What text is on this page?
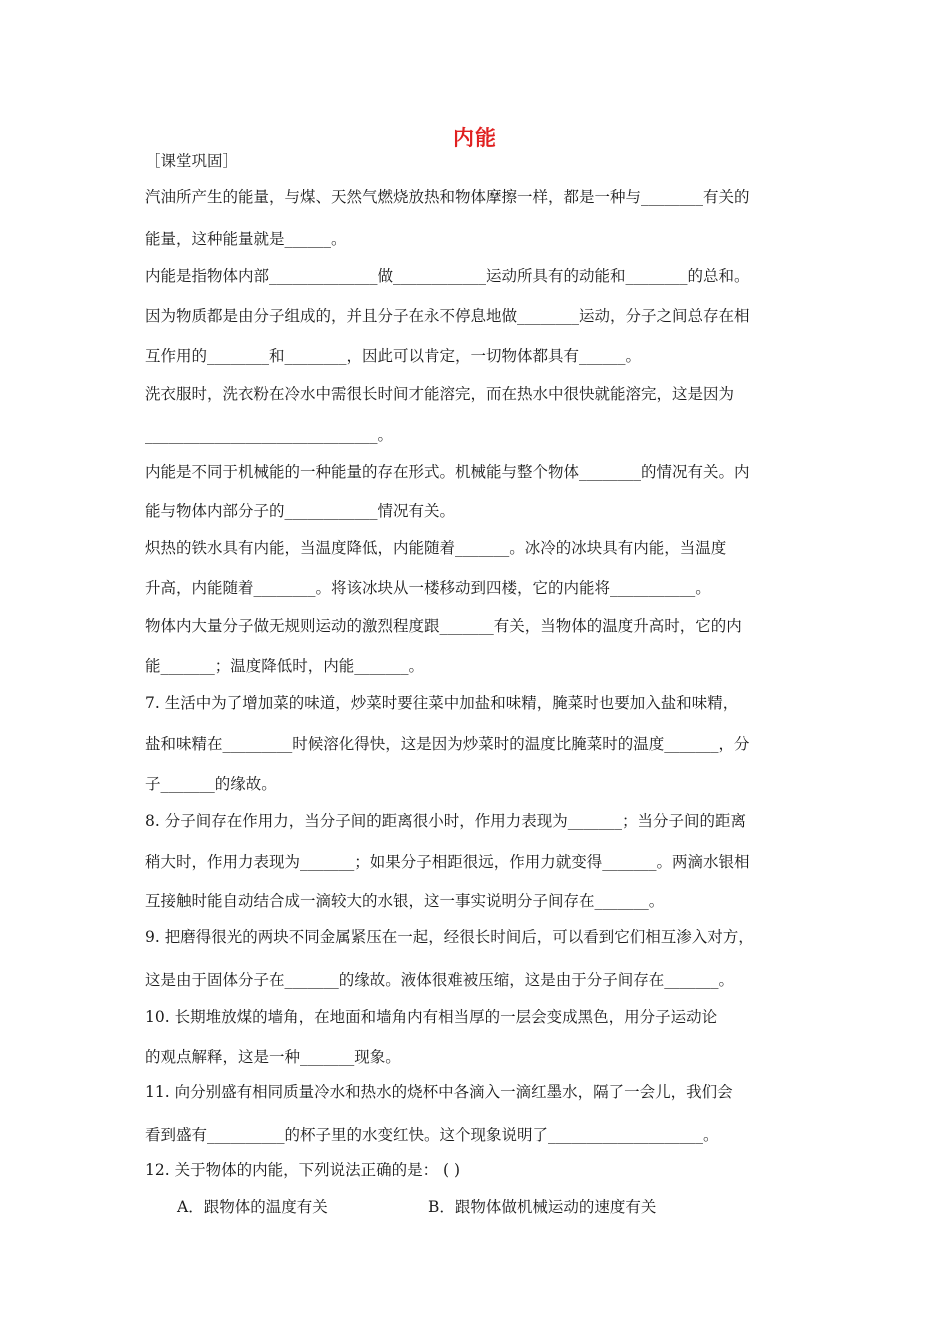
内能
［课堂巩固］
汽油所产生的能量，与煤、天然气燃烧放热和物体摩擦一样，都是一种与________有关的
能量，这种能量就是______。
内能是指物体内部______________做____________运动所具有的动能和________的总和。
因为物质都是由分子组成的，并且分子在永不停息地做________运动，分子之间总存在相
互作用的________和________，因此可以肯定，一切物体都具有______。
洗衣服时，洗衣粉在冷水中需很长时间才能溶完，而在热水中很快就能溶完，这是因为
______________________________。
内能是不同于机械能的一种能量的存在形式。机械能与整个物体________的情况有关。内
能与物体内部分子的____________情况有关。
炽热的铁水具有内能，当温度降低，内能随着_______。冰冷的冰块具有内能，当温度
升高，内能随着________。将该冰块从一楼移动到四楼，它的内能将___________。
物体内大量分子做无规则运动的激烈程度跟_______有关，当物体的温度升高时，它的内
能_______；温度降低时，内能_______。
7. 生活中为了增加菜的味道，炒菜时要往菜中加盐和味精，腌菜时也要加入盐和味精，
盐和味精在_________时候溶化得快，这是因为炒菜时的温度比腌菜时的温度_______，分
子_______的缘故。
8. 分子间存在作用力，当分子间的距离很小时，作用力表现为_______；当分子间的距离
稍大时，作用力表现为_______；如果分子相距很远，作用力就变得_______。两滴水银相
互接触时能自动结合成一滴较大的水银，这一事实说明分子间存在_______。
9. 把磨得很光的两块不同金属紧压在一起，经很长时间后，可以看到它们相互渗入对方，
这是由于固体分子在_______的缘故。液体很难被压缩，这是由于分子间存在_______。
10. 长期堆放煤的墙角，在地面和墙角内有相当厚的一层会变成黑色，用分子运动论
的观点解释，这是一种_______现象。
11. 向分别盛有相同质量冷水和热水的烧杯中各滴入一滴红墨水，隔了一会儿，我们会
看到盛有__________的杯子里的水变红快。这个现象说明了____________________。
12. 关于物体的内能，下列说法正确的是： ( )
A．跟物体的温度有关	B．跟物体做机械运动的速度有关
